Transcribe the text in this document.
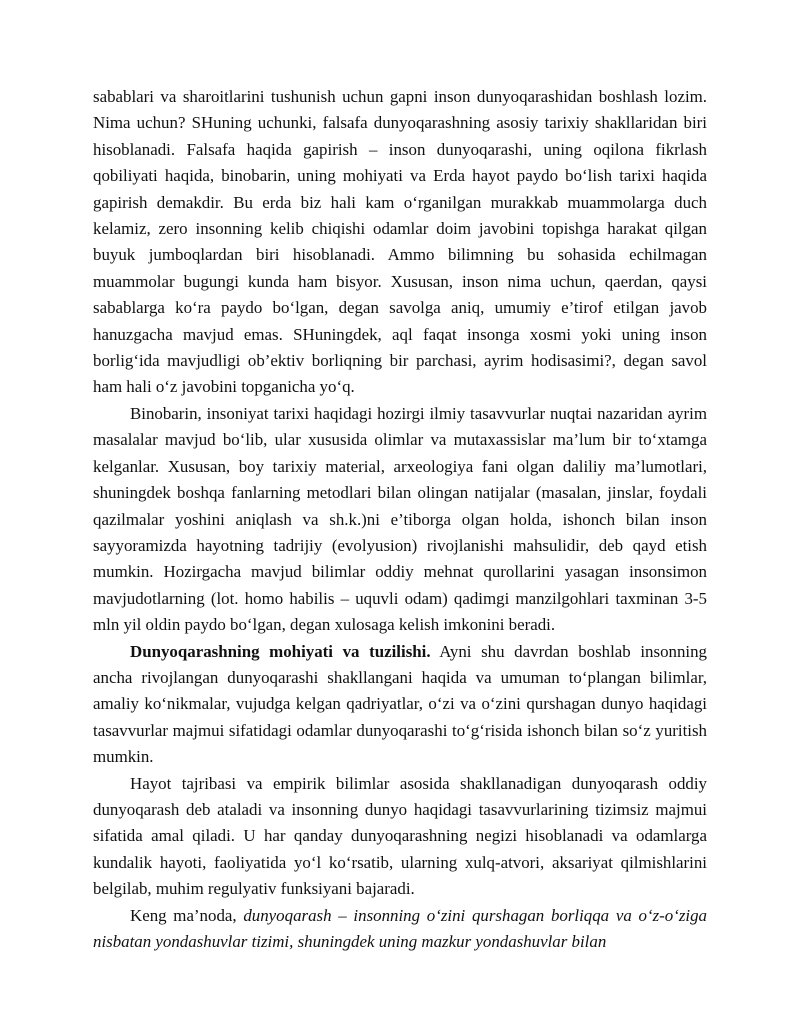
sabablari va sharoitlarini tushunish uchun gapni inson dunyoqarashidan boshlash lozim. Nima uchun? SHuning uchunki, falsafa dunyoqarashning asosiy tarixiy shakllaridan biri hisoblanadi. Falsafa haqida gapirish – inson dunyoqarashi, uning oqilona fikrlash qobiliyati haqida, binobarin, uning mohiyati va Erda hayot paydo bo‘lish tarixi haqida gapirish demakdir. Bu erda biz hali kam o‘rganilgan murakkab muammolarga duch kelamiz, zero insonning kelib chiqishi odamlar doim javobini topishga harakat qilgan buyuk jumboqlardan biri hisoblanadi. Ammo bilimning bu sohasida echilmagan muammolar bugungi kunda ham bisyor. Xususan, inson nima uchun, qaerdan, qaysi sabablarga ko‘ra paydo bo‘lgan, degan savolga aniq, umumiy e’tirof etilgan javob hanuzgacha mavjud emas. SHuningdek, aql faqat insonga xosmi yoki uning inson borlig‘ida mavjudligi ob’ektiv borliqning bir parchasi, ayrim hodisasimi?, degan savol ham hali o‘z javobini topganicha yo‘q.

Binobarin, insoniyat tarixi haqidagi hozirgi ilmiy tasavvurlar nuqtai nazaridan ayrim masalalar mavjud bo‘lib, ular xususida olimlar va mutaxassislar ma’lum bir to‘xtamga kelganlar. Xususan, boy tarixiy material, arxeologiya fani olgan daliliy ma’lumotlari, shuningdek boshqa fanlarning metodlari bilan olingan natijalar (masalan, jinslar, foydali qazilmalar yoshini aniqlash va sh.k.)ni e’tiborga olgan holda, ishonch bilan inson sayyoramizda hayotning tadrijiy (evolyusion) rivojlanishi mahsulidir, deb qayd etish mumkin. Hozirgacha mavjud bilimlar oddiy mehnat qurollarini yasagan insonsimon mavjudotlarning (lot. homo habilis – uquvli odam) qadimgi manzilgohlari taxminan 3-5 mln yil oldin paydo bo‘lgan, degan xulosaga kelish imkonini beradi.

Dunyoqarashning mohiyati va tuzilishi. Ayni shu davrdan boshlab insonning ancha rivojlangan dunyoqarashi shakllangani haqida va umuman to‘plangan bilimlar, amaliy ko‘nikmalar, vujudga kelgan qadriyatlar, o‘zi va o‘zini qurshagan dunyo haqidagi tasavvurlar majmui sifatidagi odamlar dunyoqarashi to‘g‘risida ishonch bilan so‘z yuritish mumkin.

Hayot tajribasi va empirik bilimlar asosida shakllanadigan dunyoqarash oddiy dunyoqarash deb ataladi va insonning dunyo haqidagi tasavvurlarining tizimsiz majmui sifatida amal qiladi. U har qanday dunyoqarashning negizi hisoblanadi va odamlarga kundalik hayoti, faoliyatida yo‘l ko‘rsatib, ularning xulq-atvori, aksariyat qilmishlarini belgilab, muhim regulyativ funksiyani bajaradi.

Keng ma’noda, dunyoqarash – insonning o‘zini qurshagan borliqqa va o‘z-o‘ziga nisbatan yondashuvlar tizimi, shuningdek uning mazkur yondashuvlar bilan
